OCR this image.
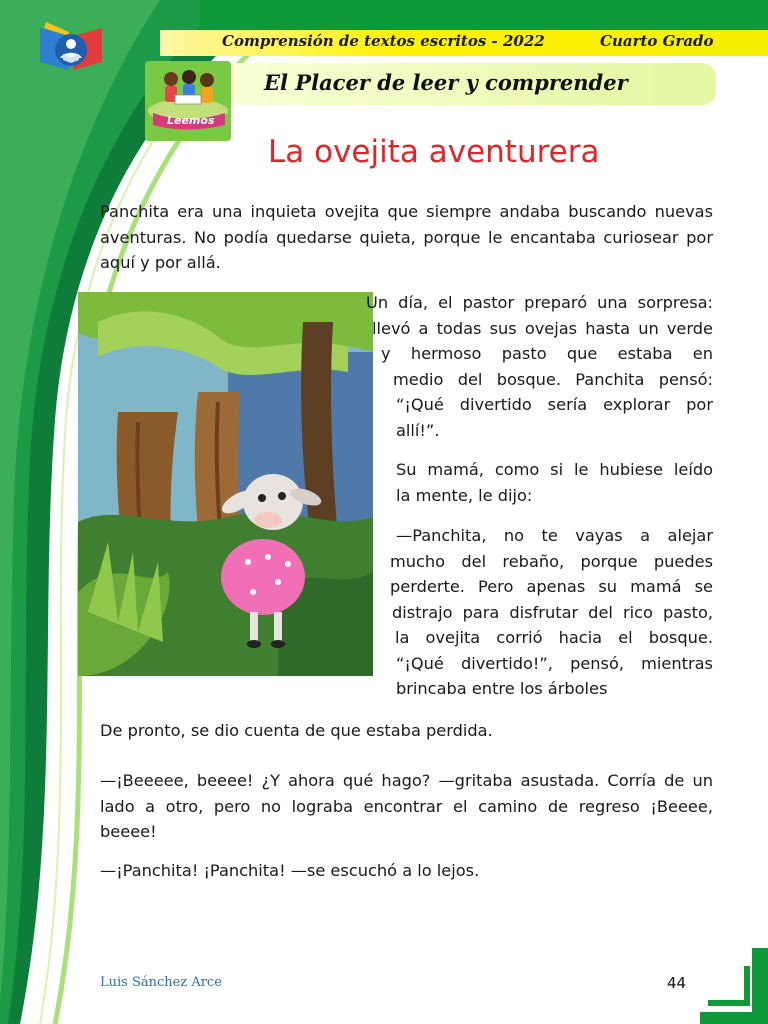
Comprensión de textos escritos - 2022	Cuarto Grado
El Placer de leer y comprender
Leemos
La ovejita aventurera

Panchita era una inquieta ovejita que siempre andaba buscando nuevas aventuras. No podía quedarse quieta, porque le encantaba curiosear por aquí y por allá.

Un día, el pastor preparó una sorpresa:

llevó a todas sus ovejas hasta un verde

y hermoso pasto que estaba en

medio del bosque. Panchita pensó:

“¡Qué divertido sería explorar por

allí!”.

Su mamá, como si le hubiese leído

la mente, le dijo:

—Panchita, no te vayas a alejar

mucho del rebaño, porque puedes

perderte. Pero apenas su mamá se

distrajo para disfrutar del rico pasto,

la ovejita corrió hacia el bosque.

“¡Qué divertido!”, pensó, mientras

brincaba entre los árboles

De pronto, se dio cuenta de que estaba perdida.

—¡Beeeee, beeee! ¿Y ahora qué hago? —gritaba asustada. Corría de un lado a otro, pero no lograba encontrar el camino de regreso ¡Beeee, beeee!

—¡Panchita! ¡Panchita! —se escuchó a lo lejos.

Luis Sánchez Arce	44
